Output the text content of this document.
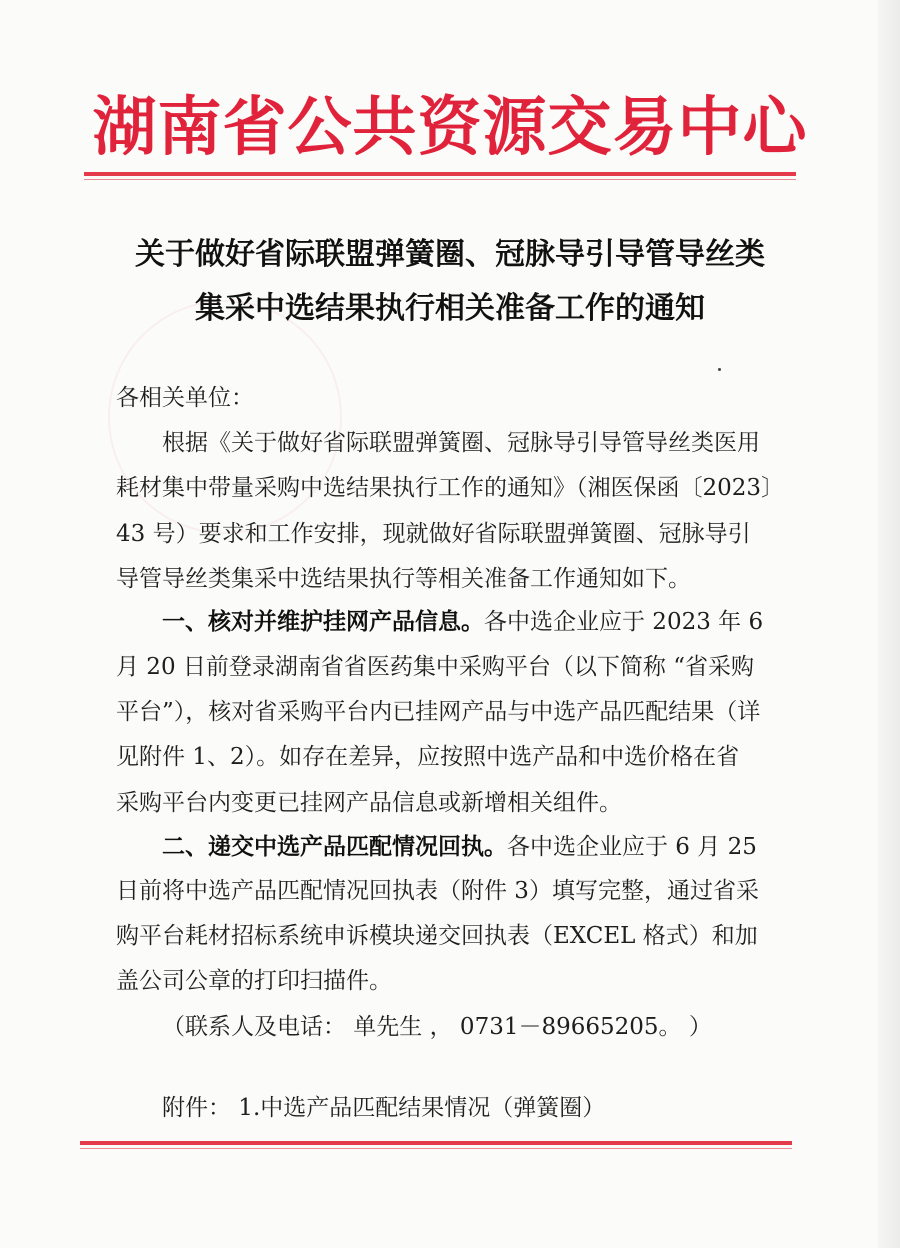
湖南省公共资源交易中心
关于做好省际联盟弹簧圈、冠脉导引导管导丝类
集采中选结果执行相关准备工作的通知
各相关单位：
根据《关于做好省际联盟弹簧圈、冠脉导引导管导丝类医用
耗材集中带量采购中选结果执行工作的通知》（湘医保函〔2023〕
43 号）要求和工作安排，现就做好省际联盟弹簧圈、冠脉导引
导管导丝类集采中选结果执行等相关准备工作通知如下。
一、核对并维护挂网产品信息。各中选企业应于 2023 年 6
月 20 日前登录湖南省省医药集中采购平台（以下简称 “省采购
平台”），核对省采购平台内已挂网产品与中选产品匹配结果（详
见附件 1、2）。如存在差异，应按照中选产品和中选价格在省
采购平台内变更已挂网产品信息或新增相关组件。
二、递交中选产品匹配情况回执。各中选企业应于 6 月 25
日前将中选产品匹配情况回执表（附件 3）填写完整，通过省采
购平台耗材招标系统申诉模块递交回执表（EXCEL 格式）和加
盖公司公章的打印扫描件。
（联系人及电话： 单先生 ， 0731－89665205。 ）
附件： 1.中选产品匹配结果情况（弹簧圈）
